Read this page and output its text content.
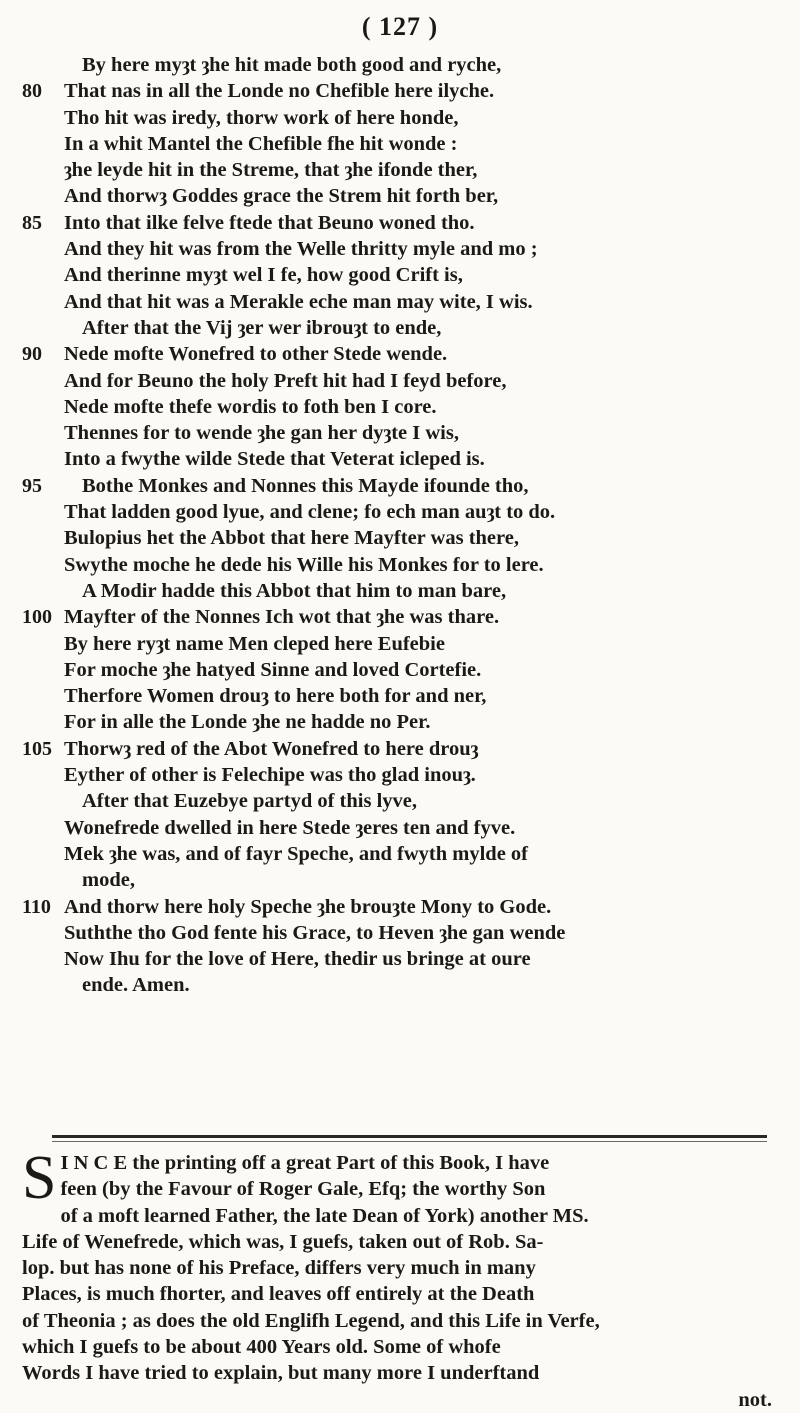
( 127 )
By here myȝt ȝhe hit made both good and ryche,
80	That nas in all the Londe no Chefible here ilyche.
Tho hit was iredy, thorw work of here honde,
In a whit Mantel the Chefible fhe hit wonde :
ȝhe leyde hit in the Streme, that ȝhe ifonde ther,
And thorwȝ Goddes grace the Strem hit forth ber,
85	Into that ilke felve ftede that Beuno woned tho.
And they hit was from the Welle thritty myle and mo ;
And therinne myȝt wel I fe, how good Crift is,
And that hit was a Merakle eche man may wite, I wis.
After that the Vij ȝer wer ibrouȝt to ende,
90	Nede mofte Wonefred to other Stede wende.
And for Beuno the holy Preft hit had I feyd before,
Nede mofte thefe wordis to foth ben I core.
Thennes for to wende ȝhe gan her dyȝte I wis,
Into a fwythe wilde Stede that Veterat icleped is.
95	Bothe Monkes and Nonnes this Mayde ifounde tho,
That ladden good lyue, and clene; fo ech man auȝt to do.
Bulopius het the Abbot that here Mayfter was there,
Swythe moche he dede his Wille his Monkes for to lere.
A Modir hadde this Abbot that him to man bare,
100 Mayfter of the Nonnes Ich wot that ȝhe was thare.
By here ryȝt name Men cleped here Eufebie
For moche ȝhe hatyed Sinne and loved Cortefie.
Therfore Women drouȝ to here both for and ner,
For in alle the Londe ȝhe ne hadde no Per.
105 Thorwȝ red of the Abot Wonefred to here drouȝ
Eyther of other is Felechipe was tho glad inouȝ.
After that Euzebye partyd of this lyve,
Wonefrede dwelled in here Stede ȝeres ten and fyve.
Mek ȝhe was, and of fayr Speche, and fwyth mylde of
mode,
110 And thorw here holy Speche ȝhe brouȝte Mony to Gode.
Suththe tho God fente his Grace, to Heven ȝhe gan wende
Now Ihu for the love of Here, thedir us bringe at oure
ende. Amen.
S I N C E the printing off a great Part of this Book, I have
feen (by the Favour of Roger Gale, Efq; the worthy Son
of a moft learned Father, the late Dean of York) another MS.
Life of Wenefrede, which was, I guefs, taken out of Rob. Sa-
lop. but has none of his Preface, differs very much in many
Places, is much fhorter, and leaves off entirely at the Death
of Theonia ; as does the old Englifh Legend, and this Life in Verfe,
which I guefs to be about 400 Years old. Some of whofe
Words I have tried to explain, but many more I underftand
not.
